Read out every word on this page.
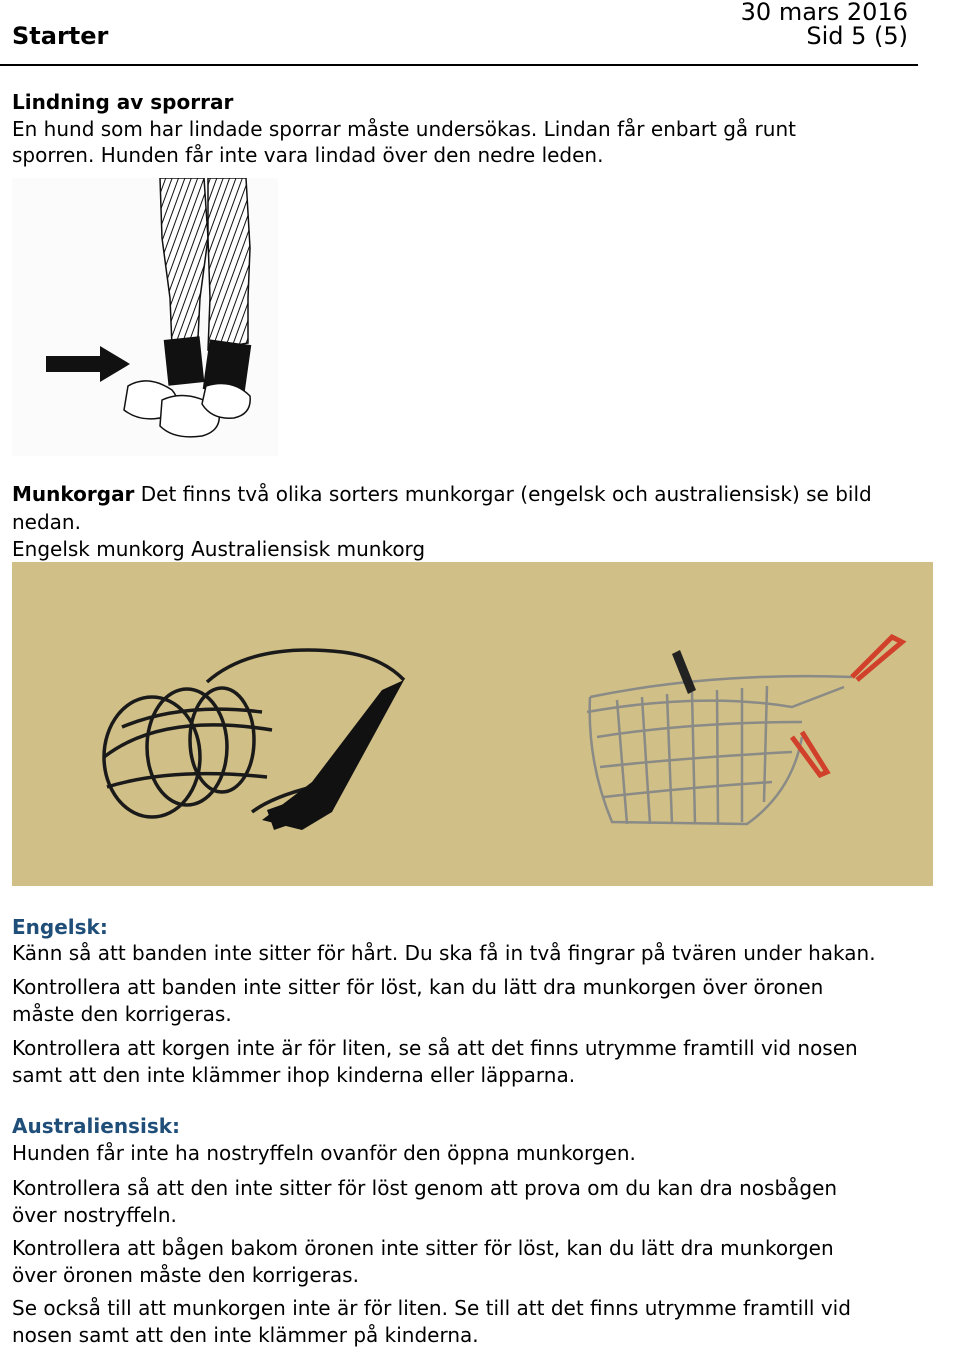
30 mars 2016
Starter	Sid 5 (5)
Lindning av sporrar
En hund som har lindade sporrar måste undersökas. Lindan får enbart gå runt
sporren. Hunden får inte vara lindad över den nedre leden.
Munkorgar Det finns två olika sorters munkorgar (engelsk och australiensisk) se bild
nedan.
Engelsk munkorg Australiensisk munkorg
Engelsk:
Känn så att banden inte sitter för hårt. Du ska få in två fingrar på tvären under hakan.
Kontrollera att banden inte sitter för löst, kan du lätt dra munkorgen över öronen
måste den korrigeras.
Kontrollera att korgen inte är för liten, se så att det finns utrymme framtill vid nosen
samt att den inte klämmer ihop kinderna eller läpparna.
Australiensisk:
Hunden får inte ha nostryffeln ovanför den öppna munkorgen.
Kontrollera så att den inte sitter för löst genom att prova om du kan dra nosbågen
över nostryffeln.
Kontrollera att bågen bakom öronen inte sitter för löst, kan du lätt dra munkorgen
över öronen måste den korrigeras.
Se också till att munkorgen inte är för liten. Se till att det finns utrymme framtill vid
nosen samt att den inte klämmer på kinderna.
